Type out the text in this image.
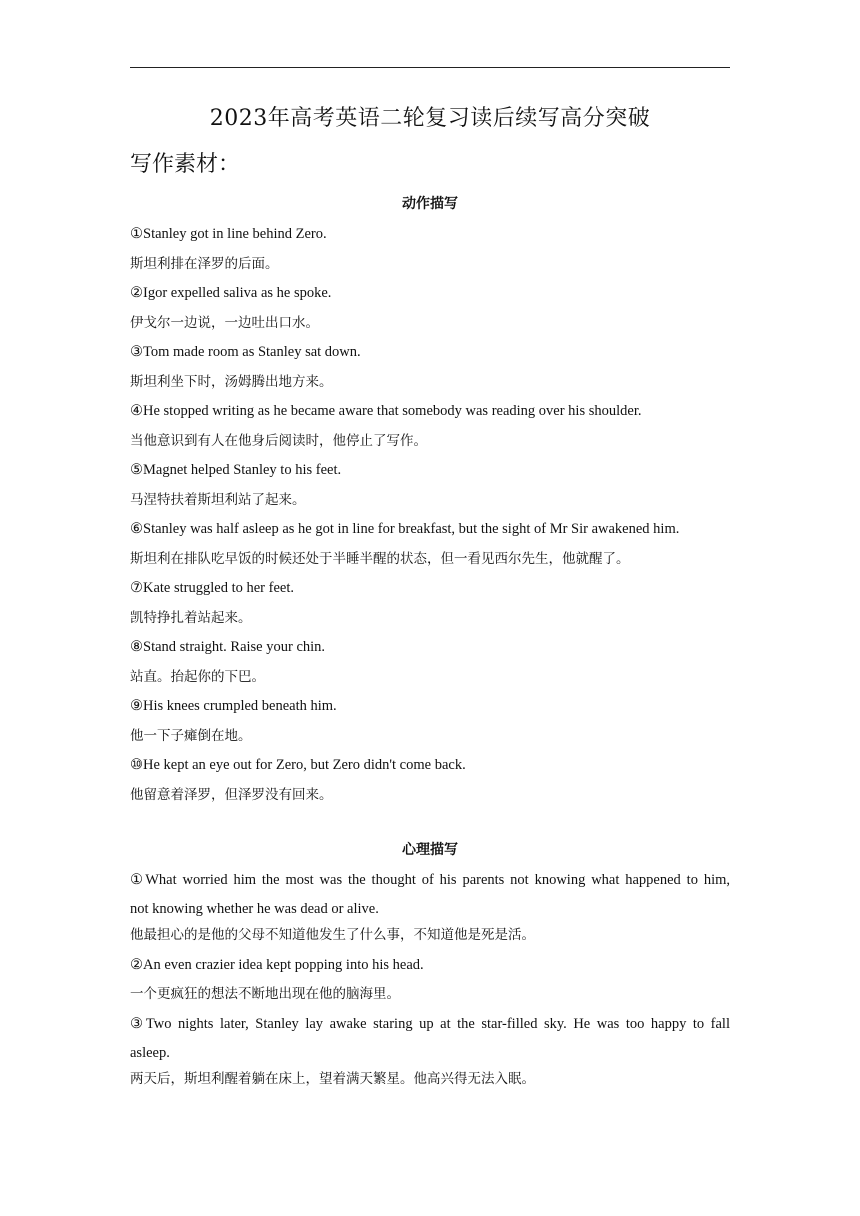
2023年高考英语二轮复习读后续写高分突破
写作素材：
动作描写
①Stanley got in line behind Zero.
斯坦利排在泽罗的后面。
②Igor expelled saliva as he spoke.
伊戈尔一边说，一边吐出口水。
③Tom made room as Stanley sat down.
斯坦利坐下时，汤姆腾出地方来。
④He stopped writing as he became aware that somebody was reading over his shoulder.
当他意识到有人在他身后阅读时，他停止了写作。
⑤Magnet helped Stanley to his feet.
马涅特扶着斯坦利站了起来。
⑥Stanley was half asleep as he got in line for breakfast, but the sight of Mr Sir awakened him.
斯坦利在排队吃早饭的时候还处于半睡半醒的状态，但一看见西尔先生，他就醒了。
⑦Kate struggled to her feet.
凯特挣扎着站起来。
⑧Stand straight. Raise your chin.
站直。抬起你的下巴。
⑨His knees crumpled beneath him.
他一下子瘫倒在地。
⑩He kept an eye out for Zero, but Zero didn't come back.
他留意着泽罗，但泽罗没有回来。
心理描写
①What worried him the most was the thought of his parents not knowing what happened to him,
not knowing whether he was dead or alive.
他最担心的是他的父母不知道他发生了什么事，不知道他是死是活。
②An even crazier idea kept popping into his head.
一个更疯狂的想法不断地出现在他的脑海里。
③Two nights later, Stanley lay awake staring up at the star-filled sky. He was too happy to fall
asleep.
两天后，斯坦利醒着躺在床上，望着满天繁星。他高兴得无法入眠。
